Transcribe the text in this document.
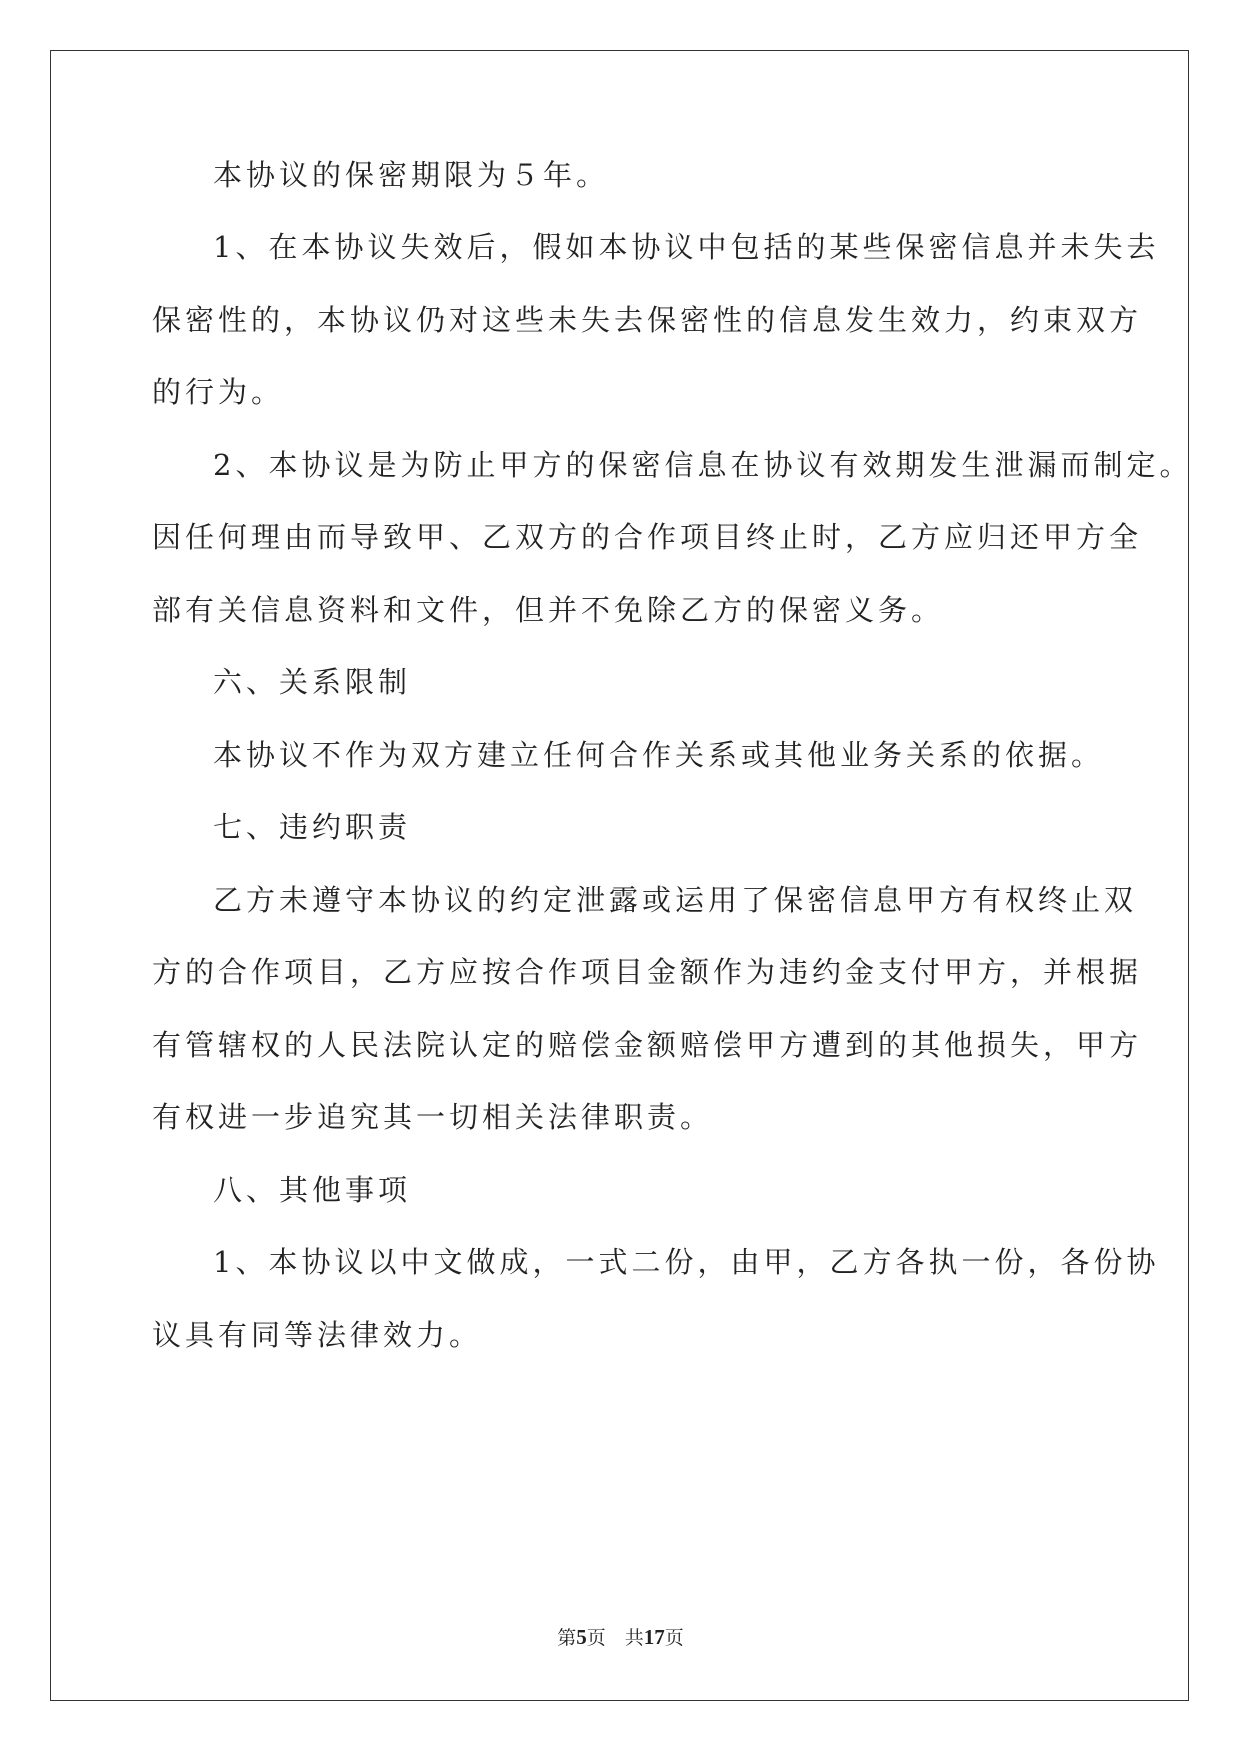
本协议的保密期限为５年。
1、在本协议失效后，假如本协议中包括的某些保密信息并未失去
保密性的，本协议仍对这些未失去保密性的信息发生效力，约束双方
的行为。
2、本协议是为防止甲方的保密信息在协议有效期发生泄漏而制定。
因任何理由而导致甲、乙双方的合作项目终止时，乙方应归还甲方全
部有关信息资料和文件，但并不免除乙方的保密义务。
六、关系限制
本协议不作为双方建立任何合作关系或其他业务关系的依据。
七、违约职责
乙方未遵守本协议的约定泄露或运用了保密信息甲方有权终止双
方的合作项目，乙方应按合作项目金额作为违约金支付甲方，并根据
有管辖权的人民法院认定的赔偿金额赔偿甲方遭到的其他损失，甲方
有权进一步追究其一切相关法律职责。
八、其他事项
1、本协议以中文做成，一式二份，由甲，乙方各执一份，各份协
议具有同等法律效力。
第5页　共17页
